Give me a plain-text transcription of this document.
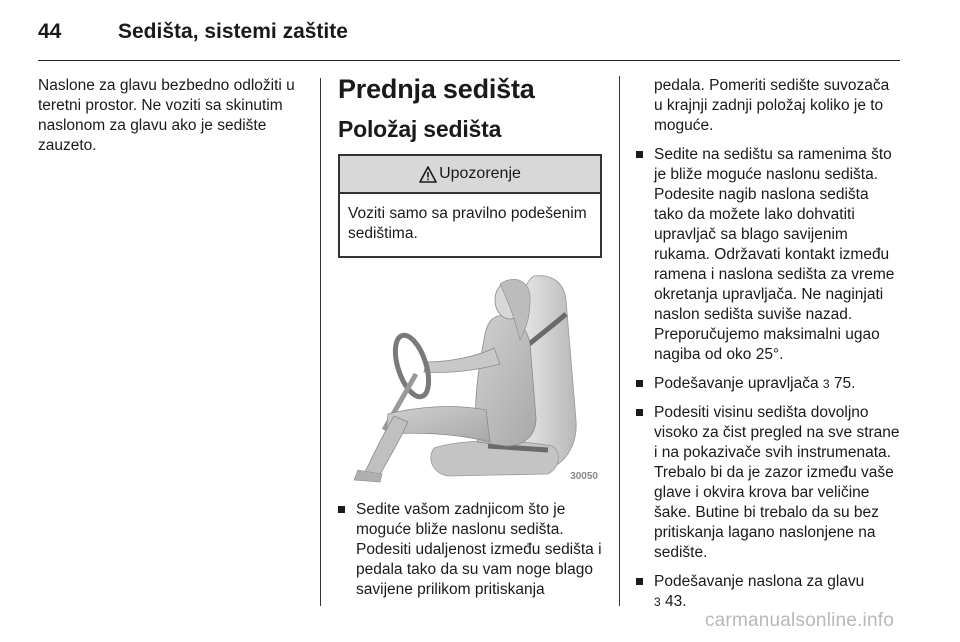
44	Sedišta, sistemi zaštite

Naslone za glavu bezbedno odložiti u teretni prostor. Ne voziti sa skinutim naslonom za glavu ako je sedište zauzeto.

Prednja sedišta
Položaj sedišta
Upozorenje
Voziti samo sa pravilno podešenim sedištima.
30050
Sedite vašom zadnjicom što je moguće bliže naslonu sedišta. Podesiti udaljenost između sedišta i pedala tako da su vam noge blago savijene prilikom pritiskanja
pedala. Pomeriti sedište suvozača u krajnji zadnji položaj koliko je to moguće.
Sedite na sedištu sa ramenima što je bliže moguće naslonu sedišta. Podesite nagib naslona sedišta tako da možete lako dohvatiti upravljač sa blago savijenim rukama. Održavati kontakt između ramena i naslona sedišta za vreme okretanja upravljača. Ne naginjati naslon sedišta suviše nazad. Preporučujemo maksimalni ugao nagiba od oko 25°.
Podešavanje upravljača 3 75.
Podesiti visinu sedišta dovoljno visoko za čist pregled na sve strane i na pokazivače svih instrumenata. Trebalo bi da je zazor između vaše glave i okvira krova bar veličine šake. Butine bi trebalo da su bez pritiskanja lagano naslonjene na sedište.
Podešavanje naslona za glavu
3 43.
carmanualsonline.info
